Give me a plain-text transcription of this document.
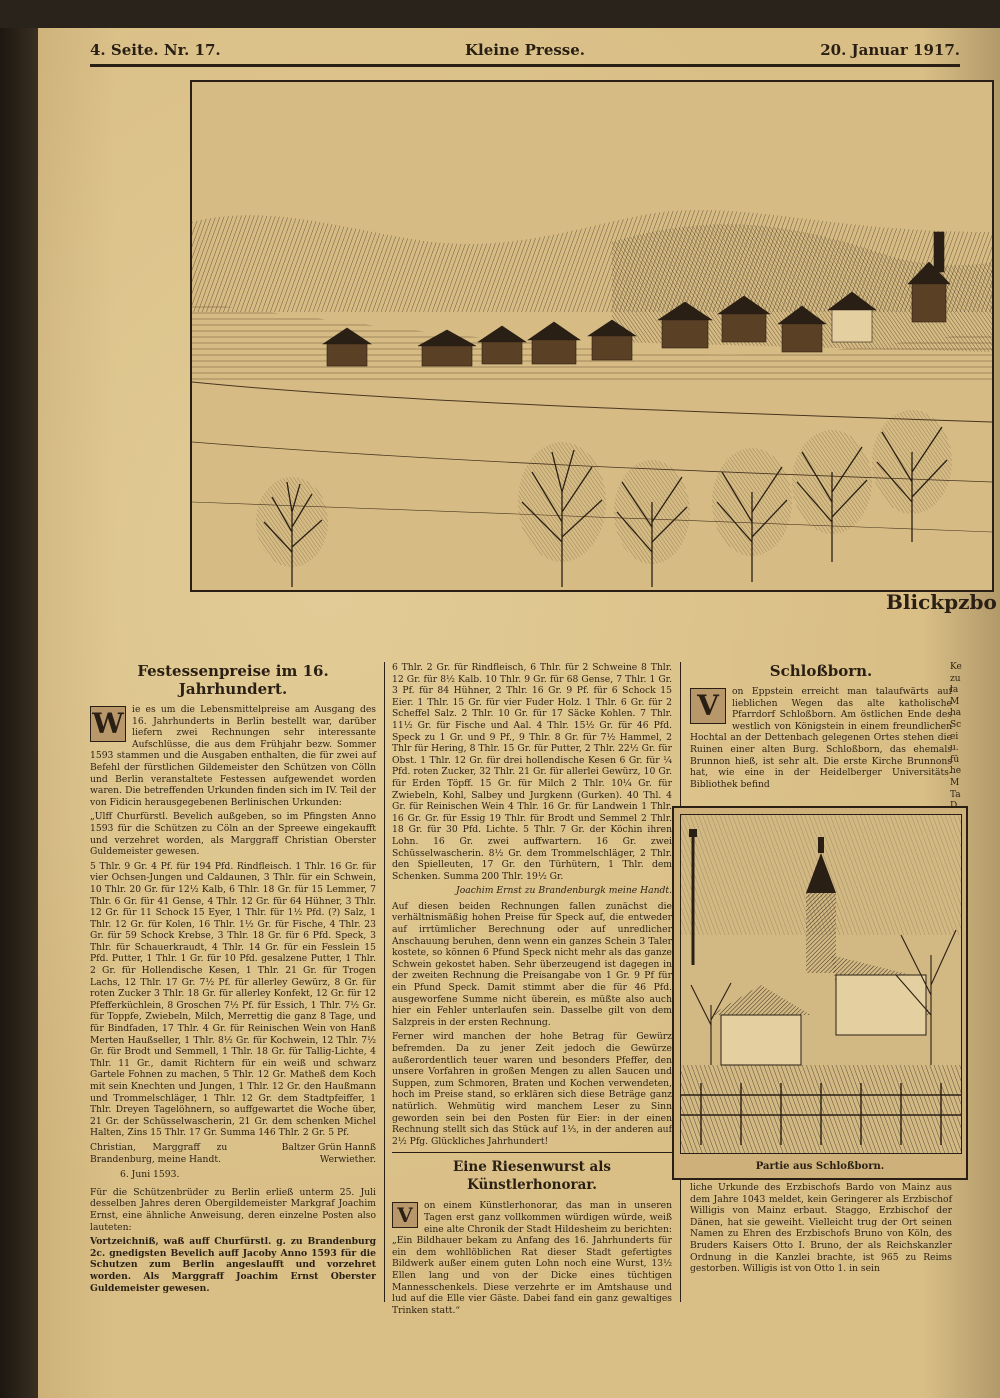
4. Seite. Nr. 17.	Kleine Presse.	20. Januar 1917.
Blickpzbo
Festessenpreise im 16. Jahrhundert.
W ie es um die Lebensmittelpreise am Ausgang des 16. Jahrhunderts in Berlin bestellt war, darüber liefern zwei Rechnungen sehr interessante Aufschlüsse, die aus dem Frühjahr bezw. Sommer 1593 stammen und die Ausgaben enthalten, die für zwei auf Befehl der fürstlichen Gildemeister den Schützen von Cölln und Berlin veranstaltete Festessen aufgewendet worden waren. Die betreffenden Urkunden finden sich im IV. Teil der von Fidicin herausgegebenen Berlinischen Urkunden:

„Ulff Churfürstl. Bevelich außgeben, so im Pfingsten Anno 1593 für die Schützen zu Cöln an der Spreewe eingekaufft und verzehret worden, als Marggraff Christian Oberster Guldemeister gewesen.

5 Thlr. 9 Gr. 4 Pf. für 194 Pfd. Rindfleisch. 1 Thlr. 16 Gr. für vier Ochsen-Jungen und Caldaunen, 3 Thlr. für ein Schwein, 10 Thlr. 20 Gr. für 12½ Kalb, 6 Thlr. 18 Gr. für 15 Lemmer, 7 Thlr. 6 Gr. für 41 Gense, 4 Thlr. 12 Gr. für 64 Hühner, 3 Thlr. 12 Gr. für 11 Schock 15 Eyer, 1 Thlr. für 1½ Pfd. (?) Salz, 1 Thlr. 12 Gr. für Kolen, 16 Thlr. 1½ Gr. für Fische, 4 Thlr. 23 Gr. für 59 Schock Krebse, 3 Thlr. 18 Gr. für 6 Pfd. Speck, 3 Thlr. für Schauerkraudt, 4 Thlr. 14 Gr. für ein Fesslein 15 Pfd. Putter, 1 Thlr. 1 Gr. für 10 Pfd. gesalzene Putter, 1 Thlr. 2 Gr. für Hollendische Kesen, 1 Thlr. 21 Gr. für Trogen Lachs, 12 Thlr. 17 Gr. 7½ Pf. für allerley Gewürz, 8 Gr. für roten Zucker 3 Thlr. 18 Gr. für allerley Konfekt, 12 Gr. für 12 Pfefferküchlein, 8 Groschen 7½ Pf. für Essich, 1 Thlr. 7½ Gr. für Toppfe, Zwiebeln, Milch, Merrettig die ganz 8 Tage, und für Bindfaden, 17 Thlr. 4 Gr. für Reinischen Wein von Hanß Merten Haußseller, 1 Thlr. 8½ Gr. für Kochwein, 12 Thlr. 7½ Gr. für Brodt und Semmell, 1 Thlr. 18 Gr. für Tallig-Lichte, 4 Thlr. 11 Gr., damit Richtern für ein weiß und schwarz Gartele Fohnen zu machen, 5 Thlr. 12 Gr. Matheß dem Koch mit sein Knechten und Jungen, 1 Thlr. 12 Gr. den Haußmann und Trommelschläger, 1 Thlr. 12 Gr. dem Stadtpfeiffer, 1 Thlr. Dreyen Tagelöhnern, so auffgewartet die Woche über, 21 Gr. der Schüsselwascherin, 21 Gr. dem schenken Michel Halten, Zins 15 Thlr. 17 Gr. Summa 146 Thlr. 2 Gr. 5 Pf.

Christian, Marggraff zu Brandenburg, meine Handt.
Baltzer Grün Hannß Werwiether.
6. Juni 1593.

Für die Schützenbrüder zu Berlin erließ unterm 25. Juli desselben Jahres deren Obergildemeister Markgraf Joachim Ernst, eine ähnliche Anweisung, deren einzelne Posten also lauteten:

Vortzeichniß, waß auff Churfürstl. g. zu Brandenburg 2c. gnedigsten Bevelich auff Jacoby Anno 1593 für die Schutzen zum Berlin angeslaufft und vorzehret worden. Als Marggraff Joachim Ernst Oberster Guldemeister gewesen.

6 Thlr. 2 Gr. für Rindfleisch, 6 Thlr. für 2 Schweine 8 Thlr. 12 Gr. für 8½ Kalb. 10 Thlr. 9 Gr. für 68 Gense, 7 Thlr. 1 Gr. 3 Pf. für 84 Hühner, 2 Thlr. 16 Gr. 9 Pf. für 6 Schock 15 Eier. 1 Thlr. 15 Gr. für vier Fuder Holz. 1 Thlr. 6 Gr. für 2 Scheffel Salz. 2 Thlr. 10 Gr. für 17 Säcke Kohlen. 7 Thlr. 11½ Gr. für Fische und Aal. 4 Thlr. 15½ Gr. für 46 Pfd. Speck zu 1 Gr. und 9 Pf., 9 Thlr. 8 Gr. für 7½ Hammel, 2 Thlr für Hering, 8 Thlr. 15 Gr. für Putter, 2 Thlr. 22½ Gr. für Obst. 1 Thlr. 12 Gr. für drei hollendische Kesen 6 Gr. für ¼ Pfd. roten Zucker, 32 Thlr. 21 Gr. für allerlei Gewürz, 10 Gr. für Erden Töpff. 15 Gr. für Milch 2 Thlr. 10¼ Gr. für Zwiebeln, Kohl, Salbey und Jurgkenn (Gurken). 40 Thl. 4 Gr. für Reinischen Wein 4 Thlr. 16 Gr. für Landwein 1 Thlr. 16 Gr. Gr. für Essig 19 Thlr. für Brodt und Semmel 2 Thlr. 18 Gr. für 30 Pfd. Lichte. 5 Thlr. 7 Gr. der Köchin ihren Lohn. 16 Gr. zwei auffwartern. 16 Gr. zwei Schüsselwascherin. 8½ Gr. dem Trommelschläger, 2 Thlr. den Spielleuten, 17 Gr. den Türhütern, 1 Thlr. dem Schenken. Summa 200 Thlr. 19½ Gr.

Joachim Ernst zu Brandenburgk meine Handt.

Auf diesen beiden Rechnungen fallen zunächst die verhältnismäßig hohen Preise für Speck auf, die entweder auf irrtümlicher Berechnung oder auf unredlicher Anschauung beruhen, denn wenn ein ganzes Schein 3 Taler kostete, so können 6 Pfund Speck nicht mehr als das ganze Schwein gekostet haben. Sehr überzeugend ist dagegen in der zweiten Rechnung die Preisangabe von 1 Gr. 9 Pf für ein Pfund Speck. Damit stimmt aber die für 46 Pfd. ausgeworfene Summe nicht überein, es müßte also auch hier ein Fehler unterlaufen sein. Dasselbe gilt von dem Salzpreis in der ersten Rechnung.

Ferner wird manchen der hohe Betrag für Gewürz befremden. Da zu jener Zeit jedoch die Gewürze außerordentlich teuer waren und besonders Pfeffer, den unsere Vorfahren in großen Mengen zu allen Saucen und Suppen, zum Schmoren, Braten und Kochen verwendeten, hoch im Preise stand, so erklären sich diese Beträge ganz natürlich. Wehmütig wird manchem Leser zu Sinn geworden sein bei den Posten für Eier: in der einen Rechnung stellt sich das Stück auf 1⅓, in der anderen auf 2½ Pfg. Glückliches Jahrhundert!

Eine Riesenwurst als Künstlerhonorar.
V	on einem Künstlerhonorar, das man in unseren Tagen erst ganz vollkommen würdigen würde, weiß eine alte Chronik der Stadt Hildesheim zu berichten: „Ein Bildhauer bekam zu Anfang des 16. Jahrhunderts für ein dem wohllöblichen Rat dieser Stadt gefertigtes Bildwerk außer einem guten Lohn noch eine Wurst, 13½ Ellen lang und von der Dicke eines tüchtigen Mannesschenkels. Diese verzehrte er im Amtshause und lud auf die Elle vier Gäste. Dabei fand ein ganz gewaltiges Trinken statt.“

Schloßborn.
V	on Eppstein erreicht man talaufwärts auf lieblichen Wegen das alte katholische Pfarrdorf Schloßborn. Am östlichen Ende des westlich von Königstein in einem freundlichen Hochtal an der Dettenbach gelegenen Ortes stehen die Ruinen einer alten Burg. Schloßborn, das ehemals Brunnon hieß, ist sehr alt. Die erste Kirche Brunnons hat, wie eine in der Heidelberger Universitäts-Bibliothek befind

Partie aus Schloßborn.

liche Urkunde des Erzbischofs Bardo von Mainz aus dem Jahre 1043 meldet, kein Geringerer als Erzbischof Willigis von Mainz erbaut. Staggo, Erzbischof der Dänen, hat sie geweiht. Vielleicht trug der Ort seinen Namen zu Ehren des Erzbischofs Bruno von Köln, des Bruders Kaisers Otto I. Bruno, der als Reichskanzler Ordnung in die Kanzlei brachte, ist 965 zu Reims gestorben. Willigis ist von Otto 1. in sein

Ke zu la M ha Sc ei u. fü he M Ta D
